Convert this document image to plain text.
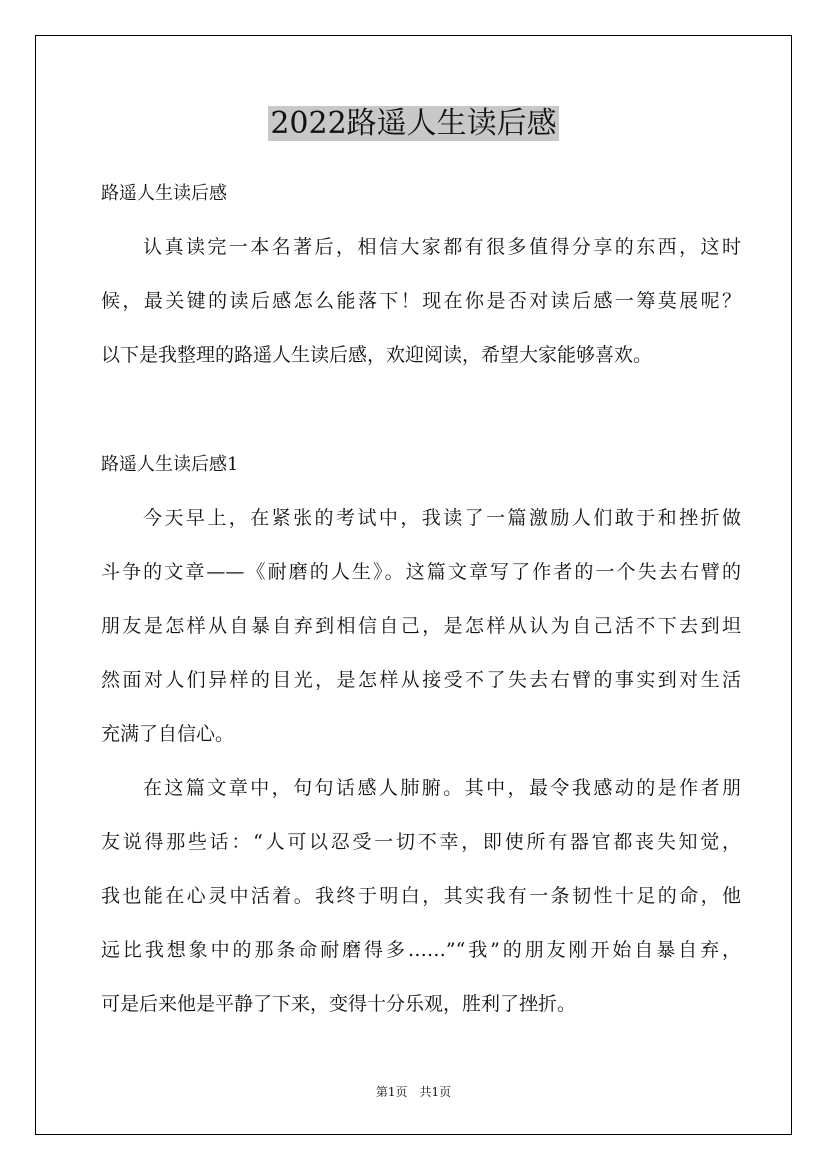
2022路遥人生读后感
路遥人生读后感
认真读完一本名著后，相信大家都有很多值得分享的东西，这时
候，最关键的读后感怎么能落下！现在你是否对读后感一筹莫展呢？
以下是我整理的路遥人生读后感，欢迎阅读，希望大家能够喜欢。
路遥人生读后感1
今天早上，在紧张的考试中，我读了一篇激励人们敢于和挫折做
斗争的文章——《耐磨的人生》。这篇文章写了作者的一个失去右臂的
朋友是怎样从自暴自弃到相信自己，是怎样从认为自己活不下去到坦
然面对人们异样的目光，是怎样从接受不了失去右臂的事实到对生活
充满了自信心。
在这篇文章中，句句话感人肺腑。其中，最令我感动的是作者朋
友说得那些话：“人可以忍受一切不幸，即使所有器官都丧失知觉，
我也能在心灵中活着。我终于明白，其实我有一条韧性十足的命，他
远比我想象中的那条命耐磨得多……”“我”的朋友刚开始自暴自弃，
可是后来他是平静了下来，变得十分乐观，胜利了挫折。
第1页　共1页
